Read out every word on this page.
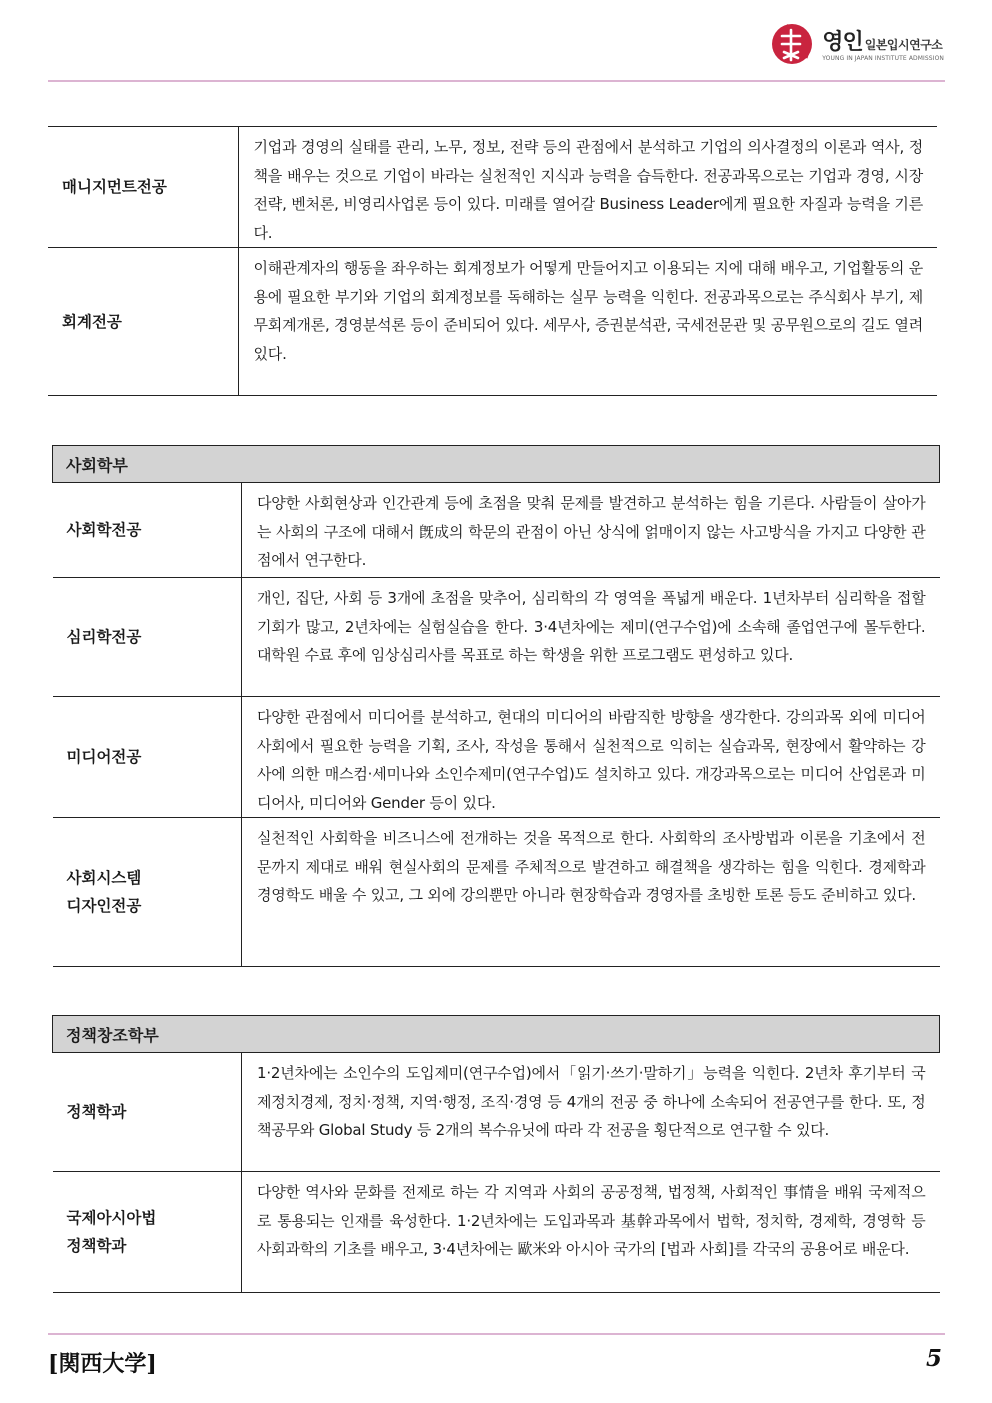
영인 일본입시연구소
YOUNG IN JAPAN INSTITUTE ADMISSION
매니지먼트전공	기업과 경영의 실태를 관리, 노무, 정보, 전략 등의 관점에서 분석하고 기업의 의사결정의 이론과 역사, 정책을 배우는 것으로 기업이 바라는 실천적인 지식과 능력을 습득한다. 전공과목으로는 기업과 경영, 시장전략, 벤처론, 비영리사업론 등이 있다. 미래를 열어갈 Business Leader에게 필요한 자질과 능력을 기른다.
회계전공	이해관계자의 행동을 좌우하는 회계정보가 어떻게 만들어지고 이용되는 지에 대해 배우고, 기업활동의 운용에 필요한 부기와 기업의 회계정보를 독해하는 실무 능력을 익힌다. 전공과목으로는 주식회사 부기, 제무회계개론, 경영분석론 등이 준비되어 있다. 세무사, 증권분석관, 국세전문관 및 공무원으로의 길도 열려있다.
사회학부	
사회학전공	다양한 사회현상과 인간관계 등에 초점을 맞춰 문제를 발견하고 분석하는 힘을 기른다. 사람들이 살아가는 사회의 구조에 대해서 旣成의 학문의 관점이 아닌 상식에 얽매이지 않는 사고방식을 가지고 다양한 관점에서 연구한다.
심리학전공	개인, 집단, 사회 등 3개에 초점을 맞추어, 심리학의 각 영역을 폭넓게 배운다. 1년차부터 심리학을 접할 기회가 많고, 2년차에는 실험실습을 한다. 3·4년차에는 제미(연구수업)에 소속해 졸업연구에 몰두한다. 대학원 수료 후에 임상심리사를 목표로 하는 학생을 위한 프로그램도 편성하고 있다.
미디어전공	다양한 관점에서 미디어를 분석하고, 현대의 미디어의 바람직한 방향을 생각한다. 강의과목 외에 미디어사회에서 필요한 능력을 기획, 조사, 작성을 통해서 실천적으로 익히는 실습과목, 현장에서 활약하는 강사에 의한 매스컴·세미나와 소인수제미(연구수업)도 설치하고 있다. 개강과목으로는 미디어 산업론과 미디어사, 미디어와 Gender 등이 있다.

사회시스템
디자인전공	실천적인 사회학을 비즈니스에 전개하는 것을 목적으로 한다. 사회학의 조사방법과 이론을 기초에서 전문까지 제대로 배워 현실사회의 문제를 주체적으로 발견하고 해결책을 생각하는 힘을 익힌다. 경제학과 경영학도 배울 수 있고, 그 외에 강의뿐만 아니라 현장학습과 경영자를 초빙한 토론 등도 준비하고 있다.
정책창조학부	
정책학과	1·2년차에는 소인수의 도입제미(연구수업)에서「읽기·쓰기·말하기」능력을 익힌다. 2년차 후기부터 국제정치경제, 정치·정책, 지역·행정, 조직·경영 등 4개의 전공 중 하나에 소속되어 전공연구를 한다. 또, 정책공무와 Global Study 등 2개의 복수유닛에 따라 각 전공을 횡단적으로 연구할 수 있다.

국제아시아법
정책학과	다양한 역사와 문화를 전제로 하는 각 지역과 사회의 공공정책, 법정책, 사회적인 事情을 배워 국제적으로 통용되는 인재를 육성한다. 1·2년차에는 도입과목과 基幹과목에서 법학, 정치학, 경제학, 경영학 등 사회과학의 기초를 배우고, 3·4년차에는 歐米와 아시아 국가의 [법과 사회]를 각국의 공용어로 배운다.
[関西大学]	5
